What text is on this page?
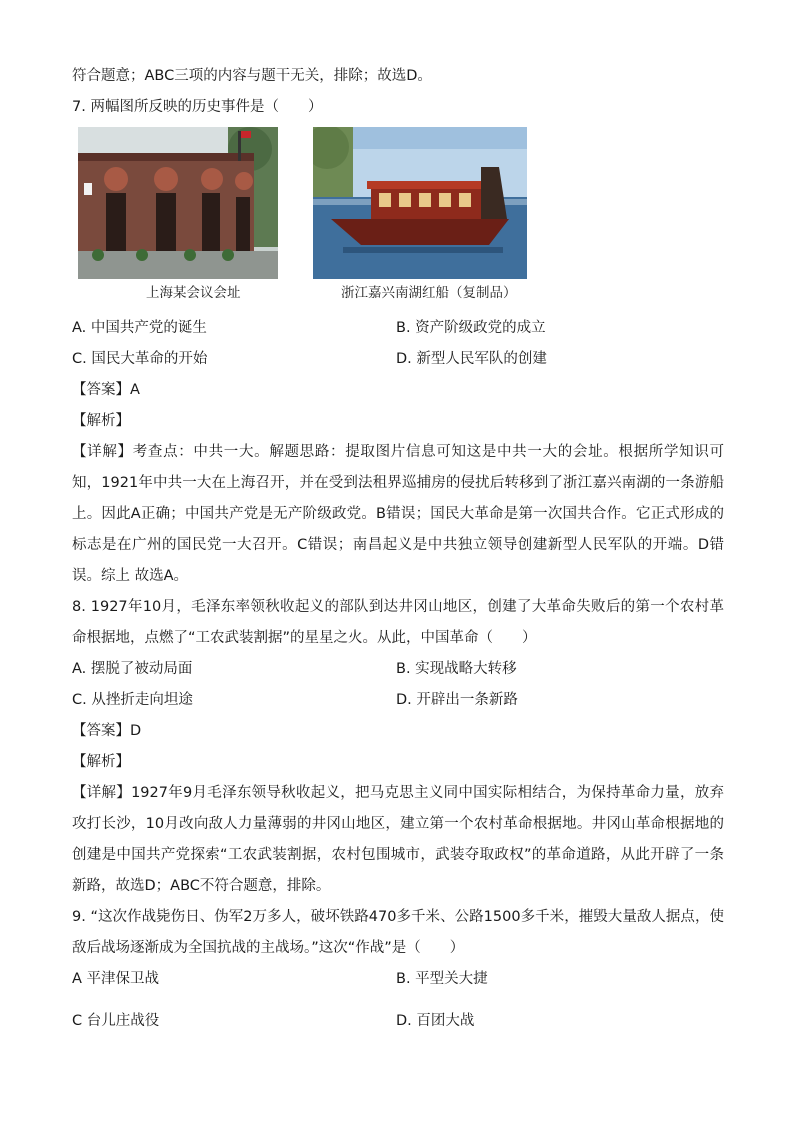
符合题意；ABC三项的内容与题干无关，排除；故选D。

7. 两幅图所反映的历史事件是（　　）

上海某会议会址	浙江嘉兴南湖红船（复制品）
A. 中国共产党的诞生	B. 资产阶级政党的成立
C. 国民大革命的开始	D. 新型人民军队的创建

【答案】A

【解析】

【详解】考查点：中共一大。解题思路：提取图片信息可知这是中共一大的会址。根据所学知识可知，1921年中共一大在上海召开，并在受到法租界巡捕房的侵扰后转移到了浙江嘉兴南湖的一条游船上。因此A正确；中国共产党是无产阶级政党。B错误；国民大革命是第一次国共合作。它正式形成的标志是在广州的国民党一大召开。C错误；南昌起义是中共独立领导创建新型人民军队的开端。D错误。综上 故选A。

8. 1927年10月，毛泽东率领秋收起义的部队到达井冈山地区，创建了大革命失败后的第一个农村革命根据地，点燃了“工农武装割据”的星星之火。从此，中国革命（　　）

A. 摆脱了被动局面	B. 实现战略大转移
C. 从挫折走向坦途	D. 开辟出一条新路

【答案】D

【解析】

【详解】1927年9月毛泽东领导秋收起义，把马克思主义同中国实际相结合，为保持革命力量，放弃攻打长沙，10月改向敌人力量薄弱的井冈山地区，建立第一个农村革命根据地。井冈山革命根据地的创建是中国共产党探索“工农武装割据，农村包围城市，武装夺取政权”的革命道路，从此开辟了一条新路，故选D；ABC不符合题意，排除。

9. “这次作战毙伤日、伪军2万多人，破坏铁路470多千米、公路1500多千米，摧毁大量敌人据点，使敌后战场逐渐成为全国抗战的主战场。”这次“作战”是（　　）

A 平津保卫战	B. 平型关大捷
C 台儿庄战役	D. 百团大战
